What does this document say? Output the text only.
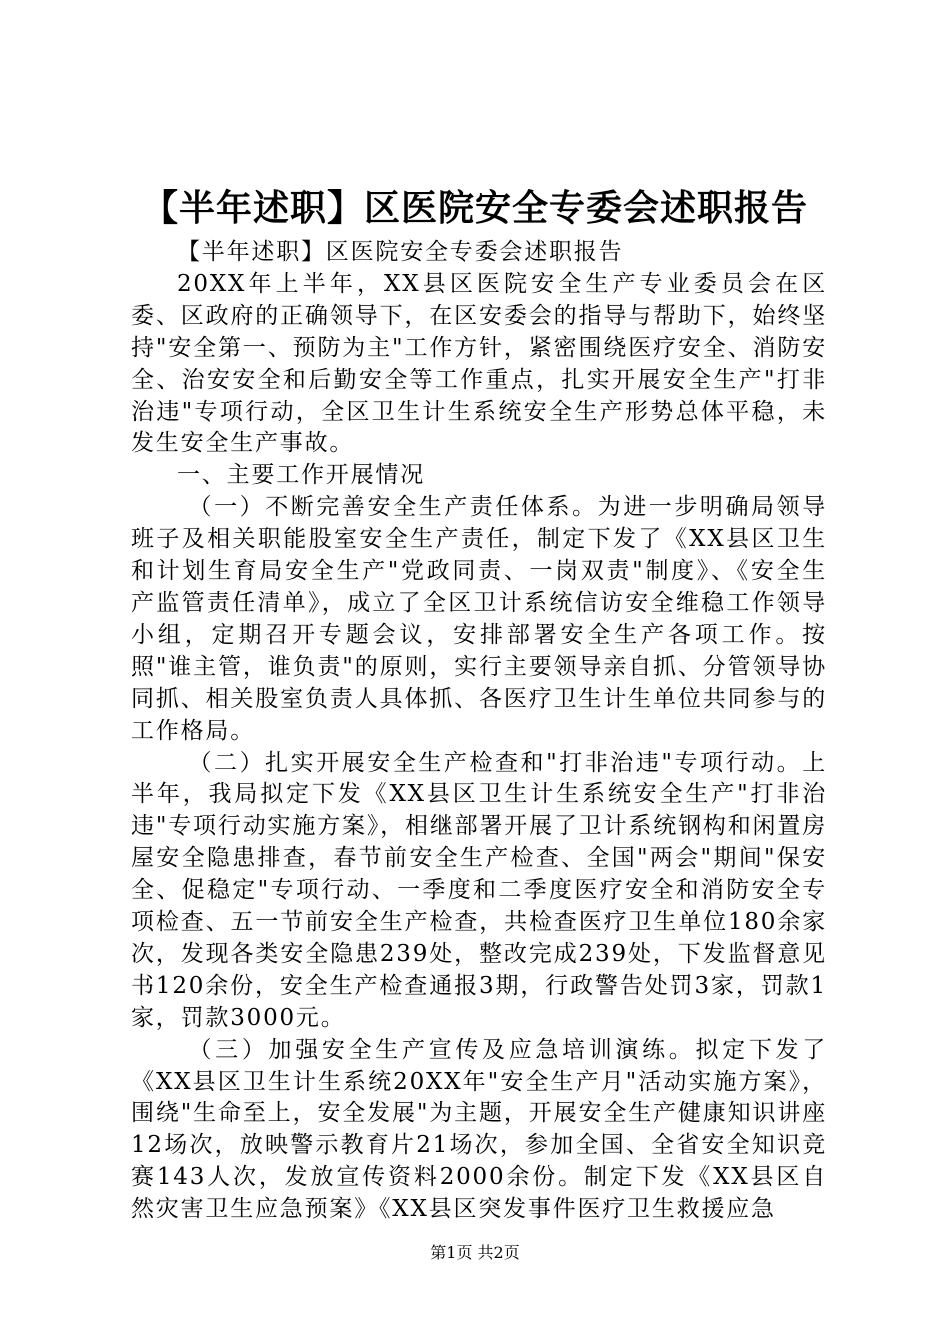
【半年述职】区医院安全专委会述职报告

【半年述职】区医院安全专委会述职报告

20XX年上半年，XX县区医院安全生产专业委员会在区委、区政府的正确领导下，在区安委会的指导与帮助下，始终坚持"安全第一、预防为主"工作方针，紧密围绕医疗安全、消防安全、治安安全和后勤安全等工作重点，扎实开展安全生产"打非治违"专项行动，全区卫生计生系统安全生产形势总体平稳，未发生安全生产事故。

一、主要工作开展情况

（一）不断完善安全生产责任体系。为进一步明确局领导班子及相关职能股室安全生产责任，制定下发了《XX县区卫生和计划生育局安全生产"党政同责、一岗双责"制度》、《安全生产监管责任清单》，成立了全区卫计系统信访安全维稳工作领导小组，定期召开专题会议，安排部署安全生产各项工作。按照"谁主管，谁负责"的原则，实行主要领导亲自抓、分管领导协同抓、相关股室负责人具体抓、各医疗卫生计生单位共同参与的工作格局。

（二）扎实开展安全生产检查和"打非治违"专项行动。上半年，我局拟定下发《XX县区卫生计生系统安全生产"打非治违"专项行动实施方案》，相继部署开展了卫计系统钢构和闲置房屋安全隐患排查，春节前安全生产检查、全国"两会"期间"保安全、促稳定"专项行动、一季度和二季度医疗安全和消防安全专项检查、五一节前安全生产检查，共检查医疗卫生单位180余家次，发现各类安全隐患239处，整改完成239处，下发监督意见书120余份，安全生产检查通报3期，行政警告处罚3家，罚款1家，罚款3000元。

（三）加强安全生产宣传及应急培训演练。拟定下发了《XX县区卫生计生系统20XX年"安全生产月"活动实施方案》，围绕"生命至上，安全发展"为主题，开展安全生产健康知识讲座12场次，放映警示教育片21场次，参加全国、全省安全知识竞赛143人次，发放宣传资料2000余份。制定下发《XX县区自然灾害卫生应急预案》《XX县区突发事件医疗卫生救援应急

第1页 共2页
